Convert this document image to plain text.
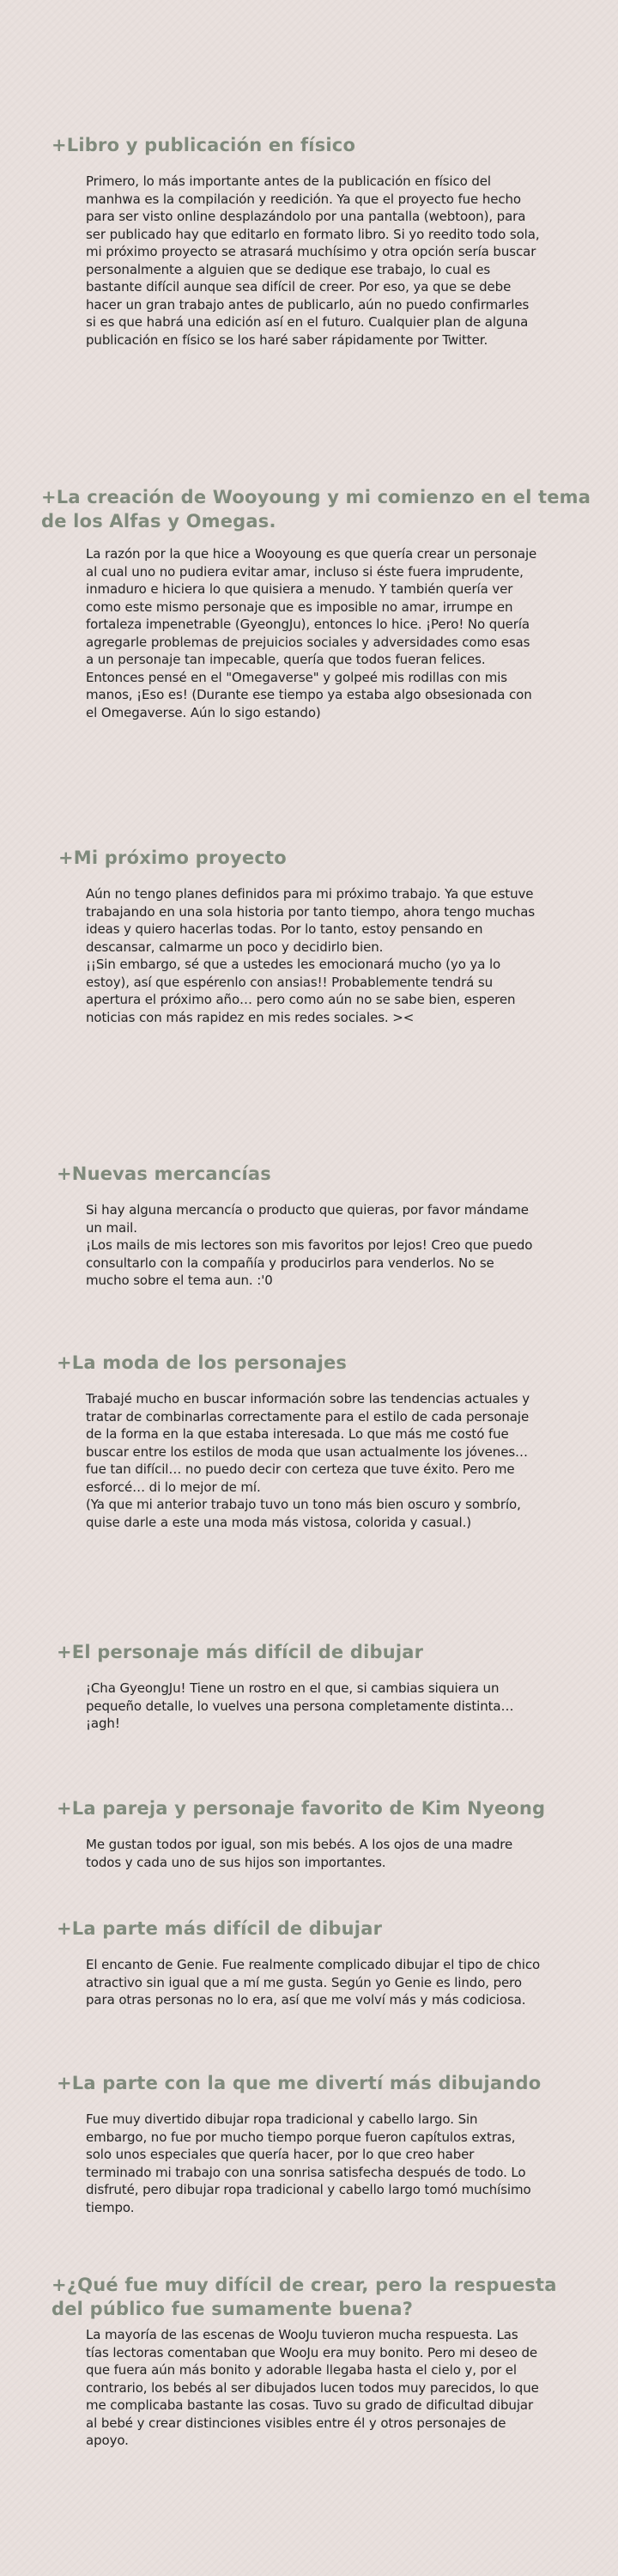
+Libro y publicación en físico

Primero, lo más importante antes de la publicación en físico del manhwa es la compilación y reedición. Ya que el proyecto fue hecho para ser visto online desplazándolo por una pantalla (webtoon), para ser publicado hay que editarlo en formato libro. Si yo reedito todo sola, mi próximo proyecto se atrasará muchísimo y otra opción sería buscar personalmente a alguien que se dedique ese trabajo, lo cual es bastante difícil aunque sea difícil de creer. Por eso, ya que se debe hacer un gran trabajo antes de publicarlo, aún no puedo confirmarles si es que habrá una edición así en el futuro. Cualquier plan de alguna publicación en físico se los haré saber rápidamente por Twitter.

+La creación de Wooyoung y mi comienzo en el tema de los Alfas y Omegas.

La razón por la que hice a Wooyoung es que quería crear un personaje al cual uno no pudiera evitar amar, incluso si éste fuera imprudente, inmaduro e hiciera lo que quisiera a menudo. Y también quería ver como este mismo personaje que es imposible no amar, irrumpe en fortaleza impenetrable (GyeongJu), entonces lo hice. ¡Pero! No quería agregarle problemas de prejuicios sociales y adversidades como esas a un personaje tan impecable, quería que todos fueran felices. Entonces pensé en el "Omegaverse" y golpeé mis rodillas con mis manos, ¡Eso es! (Durante ese tiempo ya estaba algo obsesionada con el Omegaverse. Aún lo sigo estando)

+Mi próximo proyecto

Aún no tengo planes definidos para mi próximo trabajo. Ya que estuve trabajando en una sola historia por tanto tiempo, ahora tengo muchas ideas y quiero hacerlas todas. Por lo tanto, estoy pensando en descansar, calmarme un poco y decidirlo bien.
¡¡Sin embargo, sé que a ustedes les emocionará mucho (yo ya lo estoy), así que espérenlo con ansias!! Probablemente tendrá su apertura el próximo año… pero como aún no se sabe bien, esperen noticias con más rapidez en mis redes sociales. ><

+Nuevas mercancías

Si hay alguna mercancía o producto que quieras, por favor mándame un mail.
¡Los mails de mis lectores son mis favoritos por lejos! Creo que puedo consultarlo con la compañía y producirlos para venderlos. No se mucho sobre el tema aun. :'0

+La moda de los personajes

Trabajé mucho en buscar información sobre las tendencias actuales y tratar de combinarlas correctamente para el estilo de cada personaje de la forma en la que estaba interesada. Lo que más me costó fue buscar entre los estilos de moda que usan actualmente los jóvenes… fue tan difícil… no puedo decir con certeza que tuve éxito. Pero me esforcé… di lo mejor de mí.
(Ya que mi anterior trabajo tuvo un tono más bien oscuro y sombrío, quise darle a este una moda más vistosa, colorida y casual.)

+El personaje más difícil de dibujar

¡Cha GyeongJu! Tiene un rostro en el que, si cambias siquiera un pequeño detalle, lo vuelves una persona completamente distinta… ¡agh!

+La pareja y personaje favorito de Kim Nyeong

Me gustan todos por igual, son mis bebés. A los ojos de una madre todos y cada uno de sus hijos son importantes.

+La parte más difícil de dibujar

El encanto de Genie. Fue realmente complicado dibujar el tipo de chico atractivo sin igual que a mí me gusta. Según yo Genie es lindo, pero para otras personas no lo era, así que me volví más y más codiciosa.

+La parte con la que me divertí más dibujando

Fue muy divertido dibujar ropa tradicional y cabello largo. Sin embargo, no fue por mucho tiempo porque fueron capítulos extras, solo unos especiales que quería hacer, por lo que creo haber terminado mi trabajo con una sonrisa satisfecha después de todo. Lo disfruté, pero dibujar ropa tradicional y cabello largo tomó muchísimo tiempo.

+¿Qué fue muy difícil de crear, pero la respuesta del público fue sumamente buena?

La mayoría de las escenas de WooJu tuvieron mucha respuesta. Las tías lectoras comentaban que WooJu era muy bonito. Pero mi deseo de que fuera aún más bonito y adorable llegaba hasta el cielo y, por el contrario, los bebés al ser dibujados lucen todos muy parecidos, lo que me complicaba bastante las cosas. Tuvo su grado de dificultad dibujar al bebé y crear distinciones visibles entre él y otros personajes de apoyo.
